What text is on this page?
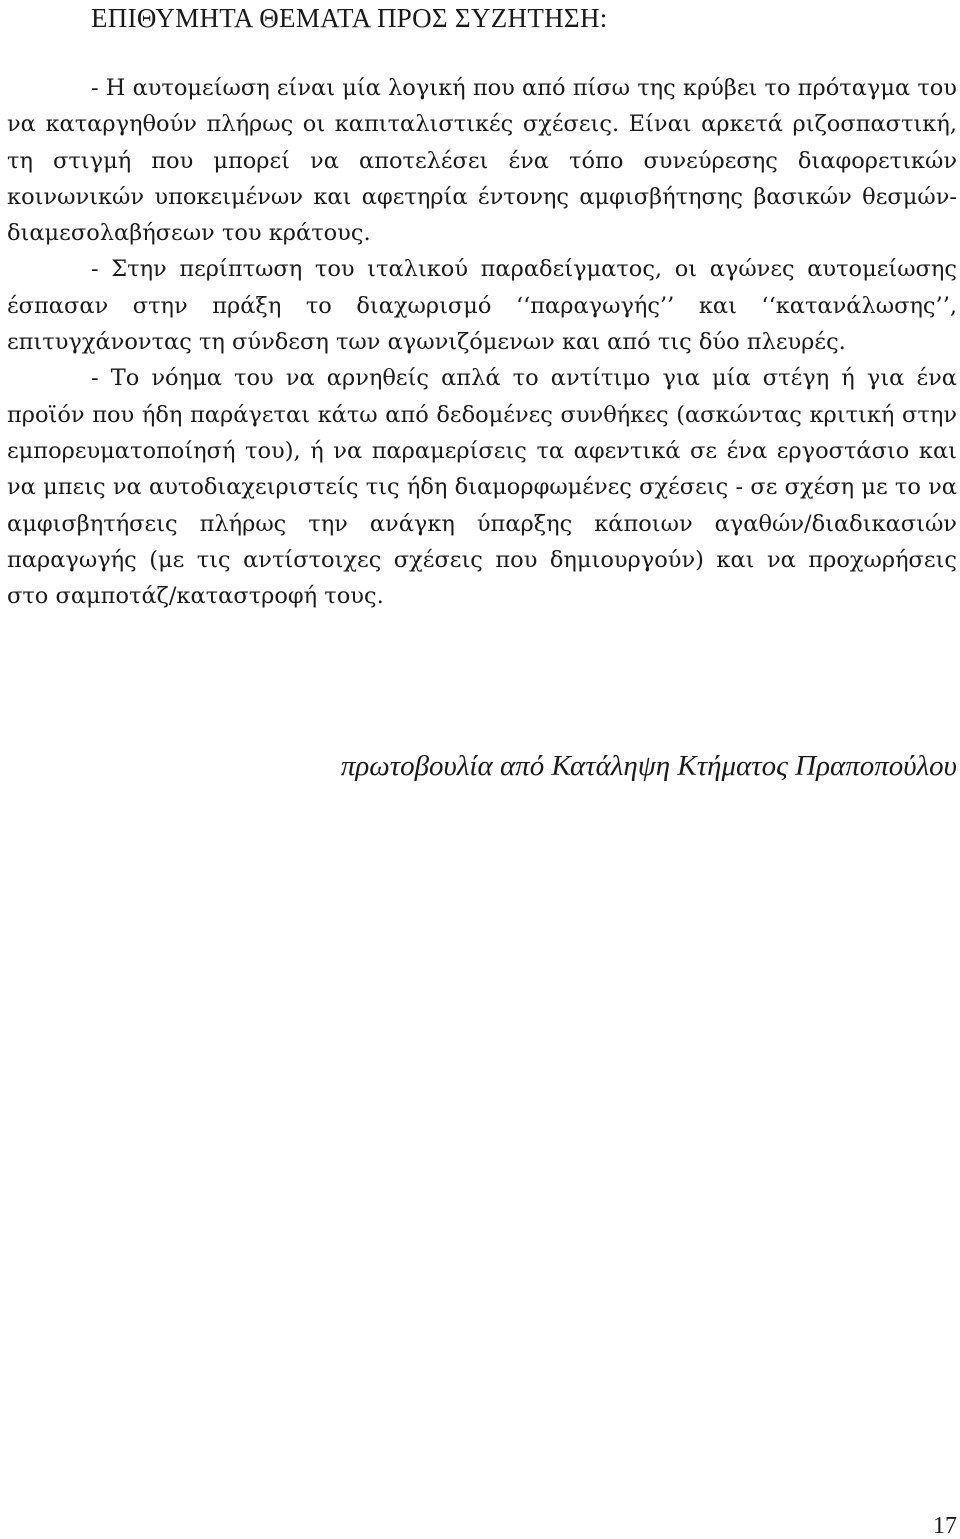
ΕΠΙΘΥΜΗΤΑ ΘΕΜΑΤΑ ΠΡΟΣ ΣΥΖΗΤΗΣΗ:

- Η αυτομείωση είναι μία λογική που από πίσω της κρύβει το πρόταγμα του να καταργηθούν πλήρως οι καπιταλιστικές σχέσεις. Είναι αρκετά ριζοσπαστική, τη στιγμή που μπορεί να αποτελέσει ένα τόπο συνεύρεσης διαφορετικών κοινωνικών υποκειμένων και αφετηρία έντονης αμφισβήτησης βασικών θεσμών-διαμεσολαβήσεων του κράτους.

- Στην περίπτωση του ιταλικού παραδείγματος, οι αγώνες αυτομείωσης έσπασαν στην πράξη το διαχωρισμό ‘‘παραγωγής’’ και ‘‘κατανάλωσης’’, επιτυγχάνοντας τη σύνδεση των αγωνιζόμενων και από τις δύο πλευρές.

- Το νόημα του να αρνηθείς απλά το αντίτιμο για μία στέγη ή για ένα προϊόν που ήδη παράγεται κάτω από δεδομένες συνθήκες (ασκώντας κριτική στην εμπορευματοποίησή του), ή να παραμερίσεις τα αφεντικά σε ένα εργοστάσιο και να μπεις να αυτοδιαχειριστείς τις ήδη διαμορφωμένες σχέσεις - σε σχέση με το να αμφισβητήσεις πλήρως την ανάγκη ύπαρξης κάποιων αγαθών/διαδικασιών παραγωγής (με τις αντίστοιχες σχέσεις που δημιουργούν) και να προχωρήσεις στο σαμποτάζ/καταστροφή τους.

πρωτοβουλία από Κατάληψη Κτήματος Πραποπούλου

17
